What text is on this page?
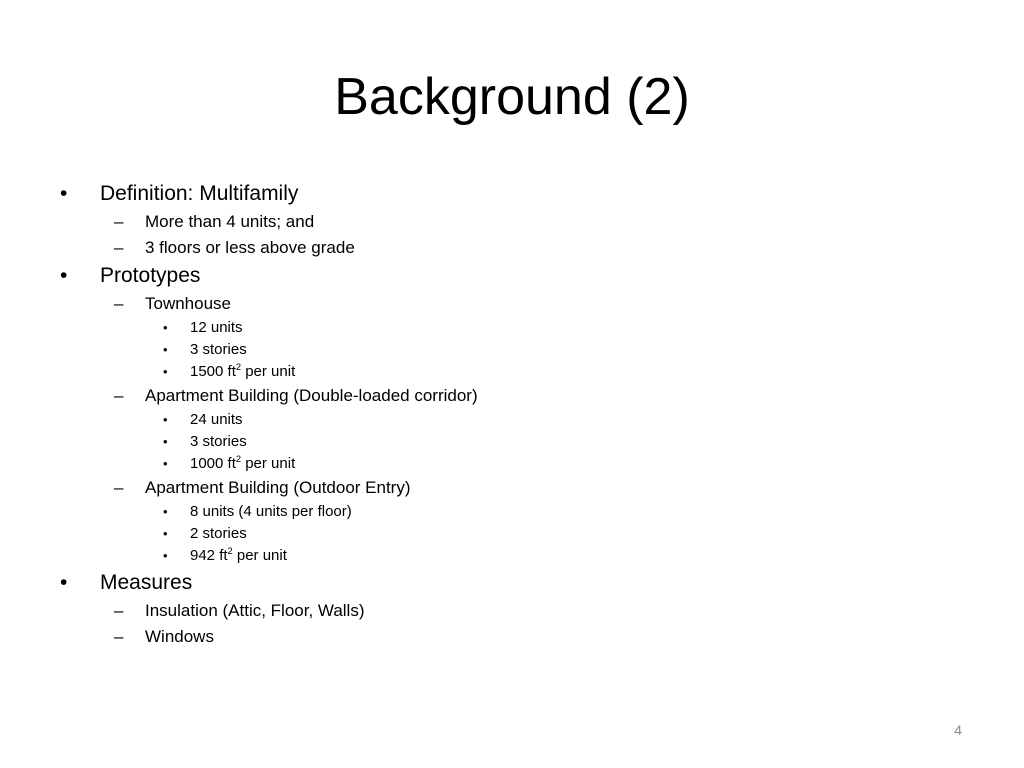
Background (2)
• Definition: Multifamily
– More than 4 units; and
– 3 floors or less above grade
• Prototypes
– Townhouse
• 12 units
• 3 stories
• 1500 $ft^2$ per unit
– Apartment Building (Double-loaded corridor)
• 24 units
• 3 stories
• 1000 $ft^2$ per unit
– Apartment Building (Outdoor Entry)
• 8 units (4 units per floor)
• 2 stories
• 942 $ft^2$ per unit
• Measures
– Insulation (Attic, Floor, Walls)
– Windows
4
